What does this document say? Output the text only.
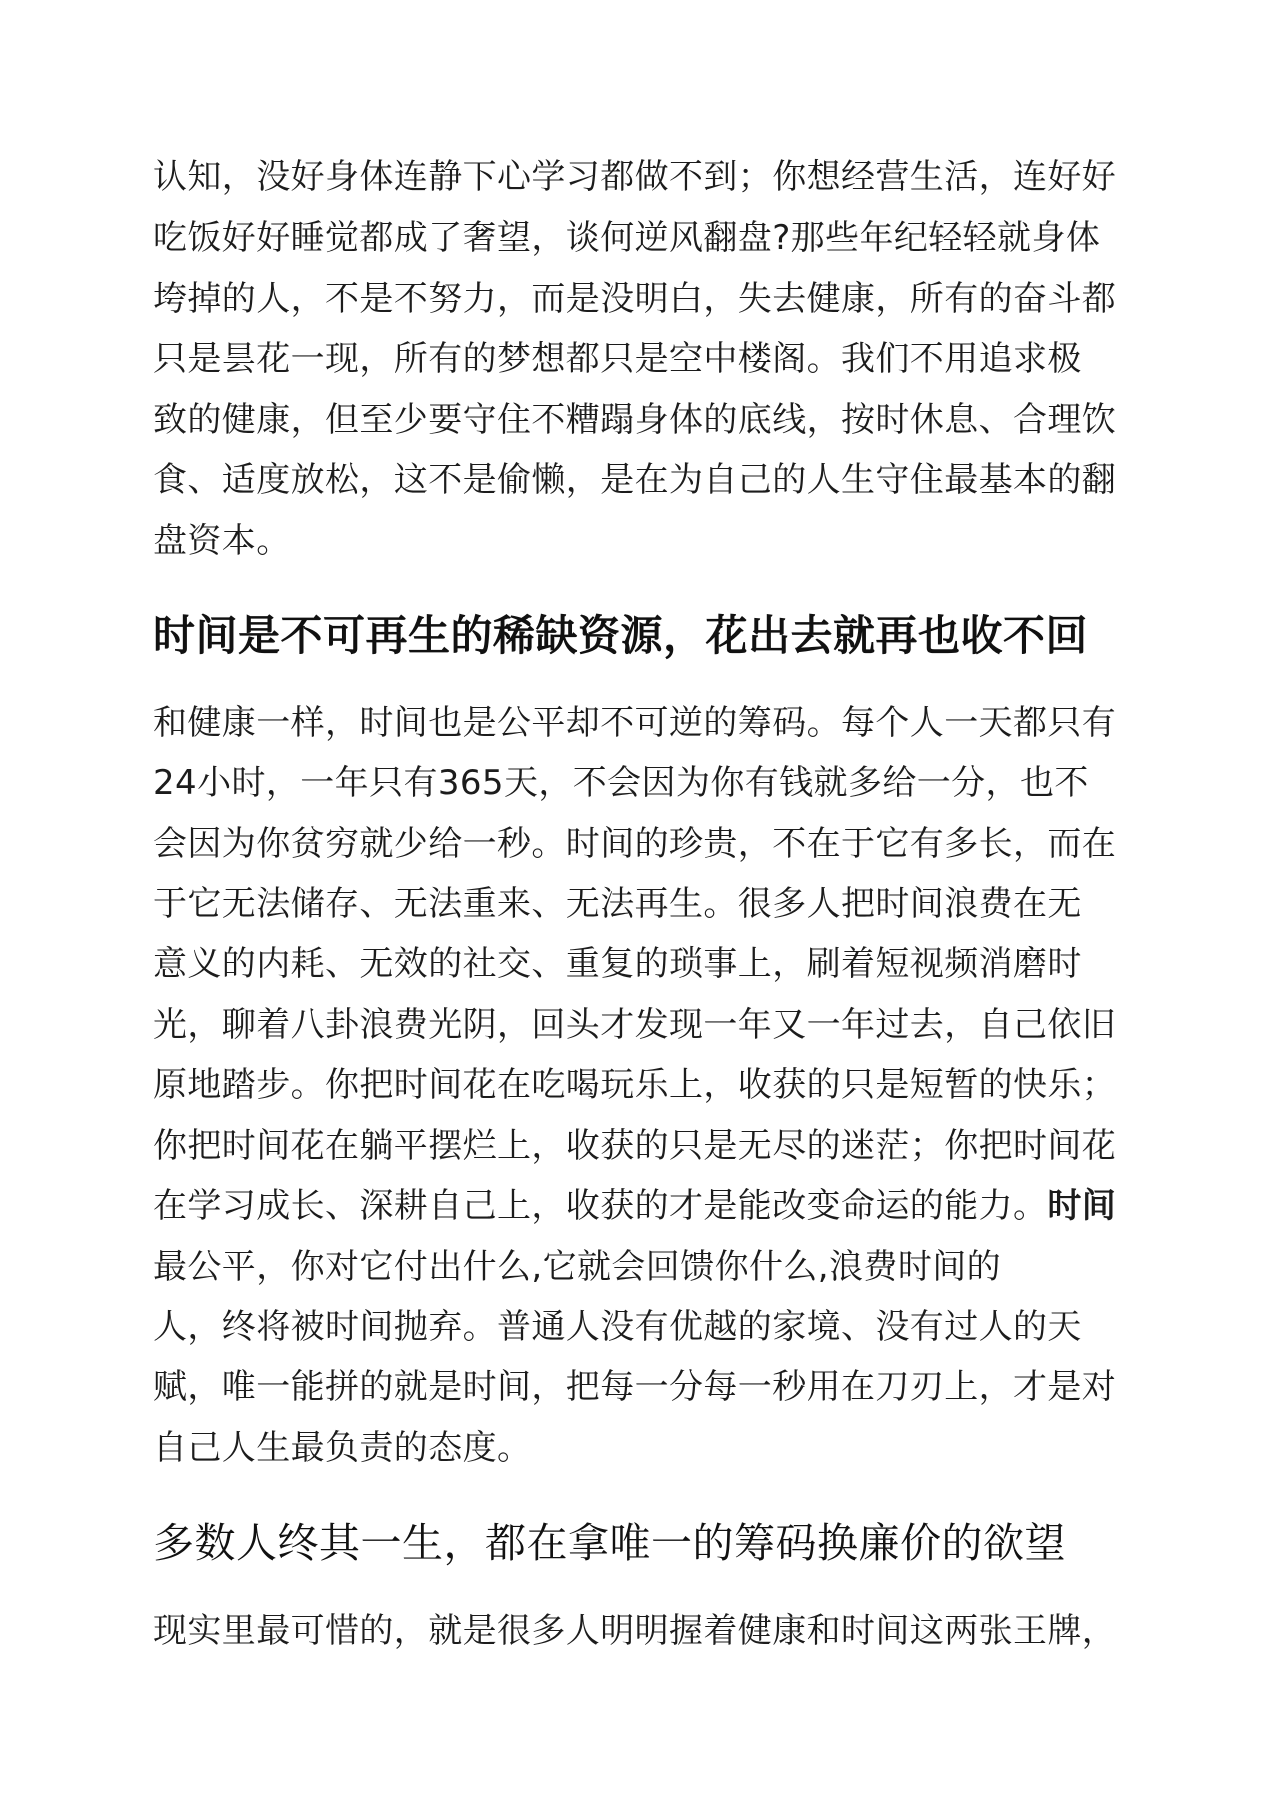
认知，没好身体连静下心学习都做不到；你想经营生活，连好好
吃饭好好睡觉都成了奢望，谈何逆风翻盘?那些年纪轻轻就身体
垮掉的人，不是不努力，而是没明白，失去健康，所有的奋斗都
只是昙花一现，所有的梦想都只是空中楼阁。我们不用追求极
致的健康，但至少要守住不糟蹋身体的底线，按时休息、合理饮
食、适度放松，这不是偷懒，是在为自己的人生守住最基本的翻
盘资本。
时间是不可再生的稀缺资源，花出去就再也收不回
和健康一样，时间也是公平却不可逆的筹码。每个人一天都只有
24小时，一年只有365天，不会因为你有钱就多给一分，也不
会因为你贫穷就少给一秒。时间的珍贵，不在于它有多长，而在
于它无法储存、无法重来、无法再生。很多人把时间浪费在无
意义的内耗、无效的社交、重复的琐事上，刷着短视频消磨时
光，聊着八卦浪费光阴，回头才发现一年又一年过去，自己依旧
原地踏步。你把时间花在吃喝玩乐上，收获的只是短暂的快乐；
你把时间花在躺平摆烂上，收获的只是无尽的迷茫；你把时间花
在学习成长、深耕自己上，收获的才是能改变命运的能力。时间
最公平，你对它付出什么,它就会回馈你什么,浪费时间的
人，终将被时间抛弃。普通人没有优越的家境、没有过人的天
赋，唯一能拼的就是时间，把每一分每一秒用在刀刃上，才是对
自己人生最负责的态度。
多数人终其一生，都在拿唯一的筹码换廉价的欲望
现实里最可惜的，就是很多人明明握着健康和时间这两张王牌，
